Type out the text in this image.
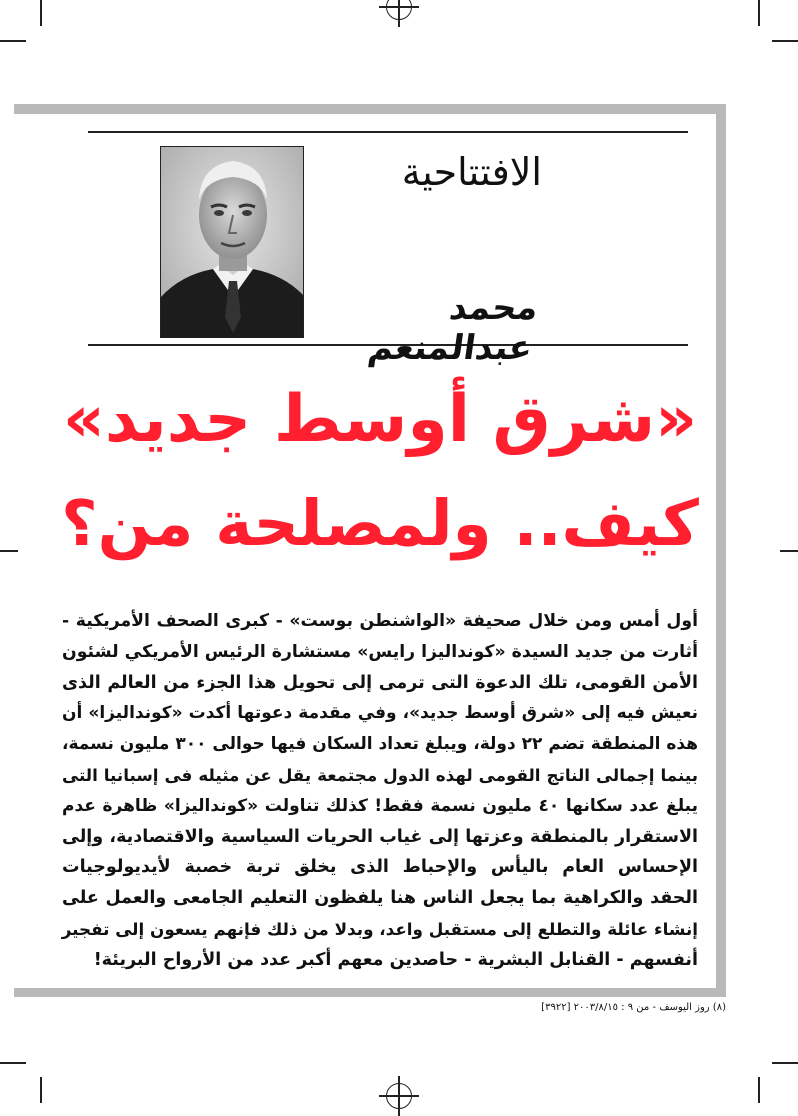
الافتتاحية
محمد عبدالمنعم
«شرق أوسط جديد»
كيف.. ولمصلحة من؟

أول أمس ومن خلال صحيفة «الواشنطن بوست» - كبرى الصحف الأمريكية -
أثارت من جديد السيدة «كونداليزا رايس» مستشارة الرئيس الأمريكي لشئون
الأمن القومى، تلك الدعوة التى ترمى إلى تحويل هذا الجزء من العالم الذى
نعيش فيه إلى «شرق أوسط جديد»، وفي مقدمة دعوتها أكدت «كونداليزا» أن
هذه المنطقة تضم ٢٢ دولة، ويبلغ تعداد السكان فيها حوالى ٣٠٠ مليون نسمة،
بينما إجمالى الناتج القومى لهذه الدول مجتمعة يقل عن مثيله فى إسبانيا التى
يبلغ عدد سكانها ٤٠ مليون نسمة فقط! كذلك تناولت «كونداليزا» ظاهرة عدم
الاستقرار بالمنطقة وعزتها إلى غياب الحريات السياسية والاقتصادية، وإلى
الإحساس العام باليأس والإحباط الذى يخلق تربة خصبة لأيديولوجيات
الحقد والكراهية بما يجعل الناس هنا يلفظون التعليم الجامعى والعمل على
إنشاء عائلة والتطلع إلى مستقبل واعد، وبدلا من ذلك فإنهم يسعون إلى تفجير
أنفسهم - القنابل البشرية - حاصدين معهم أكبر عدد من الأرواح البريئة!

(٨) روز اليوسف - من ٩ : ٢٠٠٣/٨/١٥ [٣٩٢٢]
